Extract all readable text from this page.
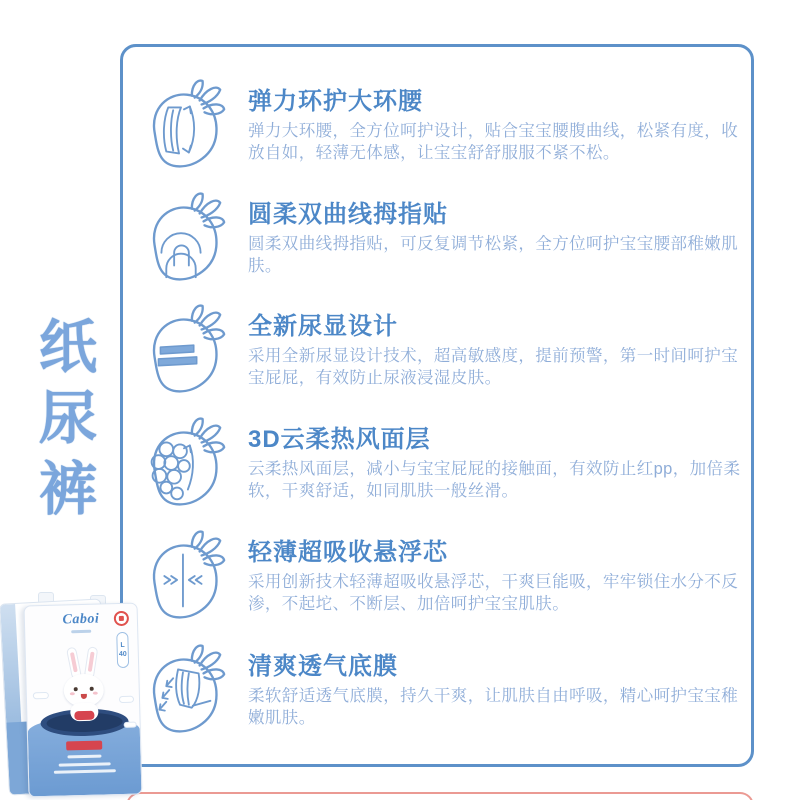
纸尿裤
弹力环护大环腰
弹力大环腰，全方位呵护设计，贴合宝宝腰腹曲线，松紧有度，收放自如，轻薄无体感，让宝宝舒舒服服不紧不松。
圆柔双曲线拇指贴
圆柔双曲线拇指贴，可反复调节松紧，全方位呵护宝宝腰部稚嫩肌肤。
全新尿显设计
采用全新尿显设计技术，超高敏感度，提前预警，第一时间呵护宝宝屁屁，有效防止尿液浸湿皮肤。
3D云柔热风面层
云柔热风面层，减小与宝宝屁屁的接触面，有效防止红pp，加倍柔软，干爽舒适，如同肌肤一般丝滑。
轻薄超吸收悬浮芯
采用创新技术轻薄超吸收悬浮芯，干爽巨能吸，牢牢锁住水分不反渗，不起坨、不断层、加倍呵护宝宝肌肤。
清爽透气底膜
柔软舒适透气底膜，持久干爽，让肌肤自由呼吸，精心呵护宝宝稚嫩肌肤。
Caboi
L
40
